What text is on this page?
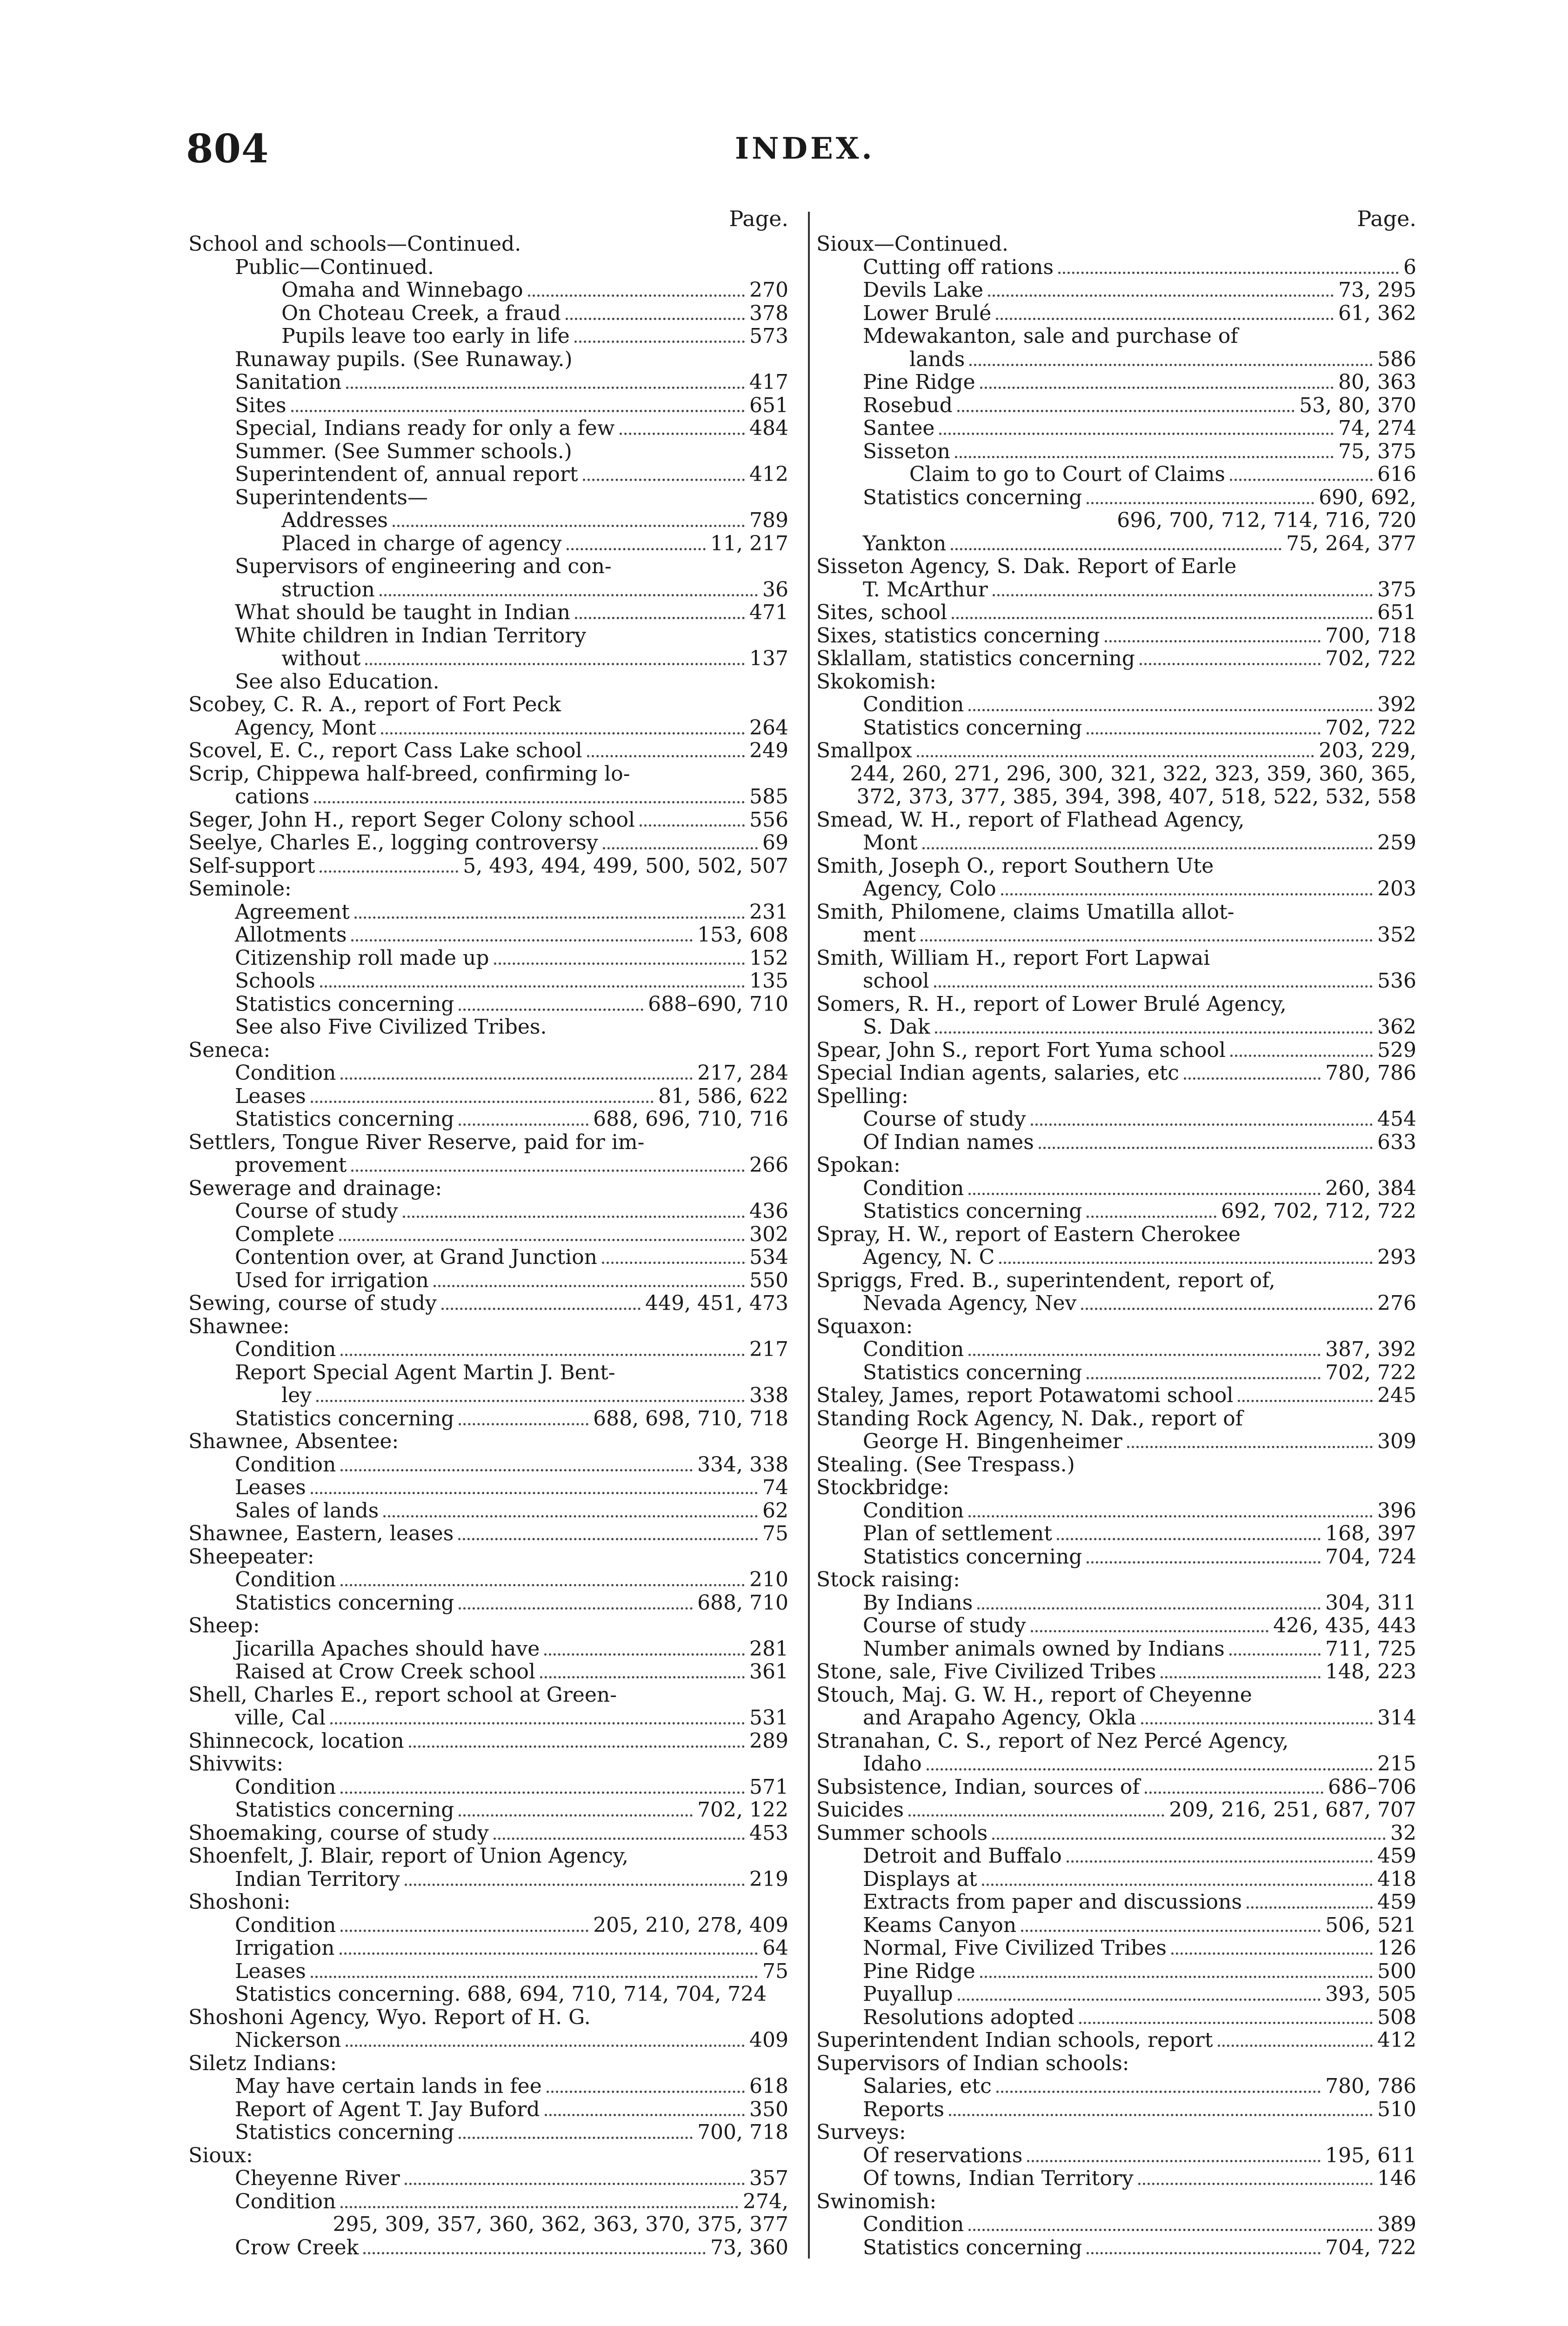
804	INDEX.
Page.
School and schools—Continued.
Public—Continued.
Omaha and Winnebago	270
On Choteau Creek, a fraud	378
Pupils leave too early in life	573
Runaway pupils. (See Runaway.)
Sanitation	417
Sites	651
Special, Indians ready for only a few	484
Summer. (See Summer schools.)
Superintendent of, annual report	412
Superintendents—
Addresses	789
Placed in charge of agency	11, 217
Supervisors of engineering and con-
struction	36
What should be taught in Indian	471
White children in Indian Territory
without	137
See also Education.
Scobey, C. R. A., report of Fort Peck
Agency, Mont	264
Scovel, E. C., report Cass Lake school	249
Scrip, Chippewa half-breed, confirming lo-
cations	585
Seger, John H., report Seger Colony school	556
Seelye, Charles E., logging controversy	69
Self-support	5, 493, 494, 499, 500, 502, 507
Seminole:
Agreement	231
Allotments	153, 608
Citizenship roll made up	152
Schools	135
Statistics concerning	688–690, 710
See also Five Civilized Tribes.
Seneca:
Condition	217, 284
Leases	81, 586, 622
Statistics concerning	688, 696, 710, 716
Settlers, Tongue River Reserve, paid for im-
provement	266
Sewerage and drainage:
Course of study	436
Complete	302
Contention over, at Grand Junction	534
Used for irrigation	550
Sewing, course of study	449, 451, 473
Shawnee:
Condition	217
Report Special Agent Martin J. Bent-
ley	338
Statistics concerning	688, 698, 710, 718
Shawnee, Absentee:
Condition	334, 338
Leases	74
Sales of lands	62
Shawnee, Eastern, leases	75
Sheepeater:
Condition	210
Statistics concerning	688, 710
Sheep:
Jicarilla Apaches should have	281
Raised at Crow Creek school	361
Shell, Charles E., report school at Green-
ville, Cal	531
Shinnecock, location	289
Shivwits:
Condition	571
Statistics concerning	702, 122
Shoemaking, course of study	453
Shoenfelt, J. Blair, report of Union Agency,
Indian Territory	219
Shoshoni:
Condition	205, 210, 278, 409
Irrigation	64
Leases	75
Statistics concerning. 688, 694, 710, 714, 704, 724
Shoshoni Agency, Wyo. Report of H. G.
Nickerson	409
Siletz Indians:
May have certain lands in fee	618
Report of Agent T. Jay Buford	350
Statistics concerning	700, 718
Sioux:
Cheyenne River	357
Condition	274,
295, 309, 357, 360, 362, 363, 370, 375, 377
Crow Creek	73, 360
Page.
Sioux—Continued.
Cutting off rations	6
Devils Lake	73, 295
Lower Brulé	61, 362
Mdewakanton, sale and purchase of
lands	586
Pine Ridge	80, 363
Rosebud	53, 80, 370
Santee	74, 274
Sisseton	75, 375
Claim to go to Court of Claims	616
Statistics concerning	690, 692,
696, 700, 712, 714, 716, 720
Yankton	75, 264, 377
Sisseton Agency, S. Dak. Report of Earle
T. McArthur	375
Sites, school	651
Sixes, statistics concerning	700, 718
Sklallam, statistics concerning	702, 722
Skokomish:
Condition	392
Statistics concerning	702, 722
Smallpox	203, 229,
244, 260, 271, 296, 300, 321, 322, 323, 359, 360, 365,
372, 373, 377, 385, 394, 398, 407, 518, 522, 532, 558
Smead, W. H., report of Flathead Agency,
Mont	259
Smith, Joseph O., report Southern Ute
Agency, Colo	203
Smith, Philomene, claims Umatilla allot-
ment	352
Smith, William H., report Fort Lapwai
school	536
Somers, R. H., report of Lower Brulé Agency,
S. Dak	362
Spear, John S., report Fort Yuma school	529
Special Indian agents, salaries, etc	780, 786
Spelling:
Course of study	454
Of Indian names	633
Spokan:
Condition	260, 384
Statistics concerning	692, 702, 712, 722
Spray, H. W., report of Eastern Cherokee
Agency, N. C	293
Spriggs, Fred. B., superintendent, report of,
Nevada Agency, Nev	276
Squaxon:
Condition	387, 392
Statistics concerning	702, 722
Staley, James, report Potawatomi school	245
Standing Rock Agency, N. Dak., report of
George H. Bingenheimer	309
Stealing. (See Trespass.)
Stockbridge:
Condition	396
Plan of settlement	168, 397
Statistics concerning	704, 724
Stock raising:
By Indians	304, 311
Course of study	426, 435, 443
Number animals owned by Indians	711, 725
Stone, sale, Five Civilized Tribes	148, 223
Stouch, Maj. G. W. H., report of Cheyenne
and Arapaho Agency, Okla	314
Stranahan, C. S., report of Nez Percé Agency,
Idaho	215
Subsistence, Indian, sources of	686–706
Suicides	209, 216, 251, 687, 707
Summer schools	32
Detroit and Buffalo	459
Displays at	418
Extracts from paper and discussions	459
Keams Canyon	506, 521
Normal, Five Civilized Tribes	126
Pine Ridge	500
Puyallup	393, 505
Resolutions adopted	508
Superintendent Indian schools, report	412
Supervisors of Indian schools:
Salaries, etc	780, 786
Reports	510
Surveys:
Of reservations	195, 611
Of towns, Indian Territory	146
Swinomish:
Condition	389
Statistics concerning	704, 722
